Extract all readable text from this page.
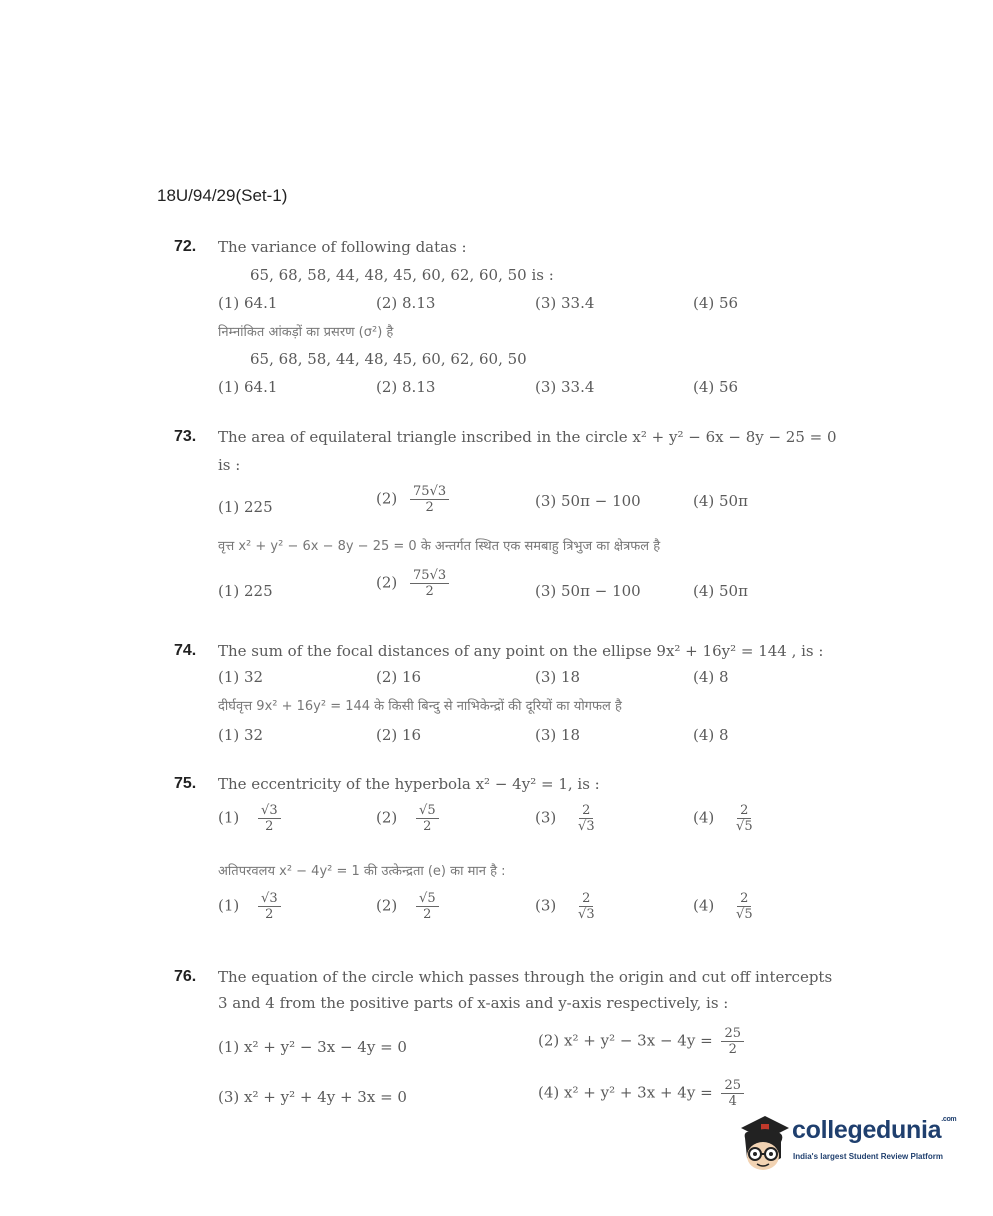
18U/94/29(Set-1)
72. The variance of following datas :
65, 68, 58, 44, 48, 45, 60, 62, 60, 50 is :
(1) 64.1	(2) 8.13	(3) 33.4	(4) 56
निम्नांकित आंकड़ों का प्रसरण (σ²) है
65, 68, 58, 44, 48, 45, 60, 62, 60, 50
(1) 64.1	(2) 8.13	(3) 33.4	(4) 56
73. The area of equilateral triangle inscribed in the circle x² + y² − 6x − 8y − 25 = 0
is :
(1) 225	$(2) \frac{75√3}{2}$	(3) 50π − 100	(4) 50π
वृत्त x² + y² − 6x − 8y − 25 = 0 के अन्तर्गत स्थित एक समबाहु त्रिभुज का क्षेत्रफल है
(1) 225	$(2) \frac{75√3}{2}$	(3) 50π − 100	(4) 50π
74. The sum of the focal distances of any point on the ellipse 9x² + 16y² = 144 , is :
(1) 32	(2) 16	(3) 18	(4) 8
दीर्घवृत्त 9x² + 16y² = 144 के किसी बिन्दु से नाभिकेन्द्रों की दूरियों का योगफल है
(1) 32	(2) 16	(3) 18	(4) 8
75. The eccentricity of the hyperbola x² − 4y² = 1, is :
$(1) \frac{√3}{2}$	$(2) \frac{√5}{2}$	$(3) \frac{2}{√3}$	$(4) \frac{2}{√5}$
अतिपरवलय x² − 4y² = 1 की उत्केन्द्रता (e) का मान है :
$(1) \frac{√3}{2}$	$(2) \frac{√5}{2}$	$(3) \frac{2}{√3}$	$(4) \frac{2}{√5}$
76. The equation of the circle which passes through the origin and cut off intercepts
3 and 4 from the positive parts of x-axis and y-axis respectively, is :
(1) x² + y² − 3x − 4y = 0	(2) $x^2 + y^2 - 3x - 4y = \frac{25}{2}$
(3) x² + y² + 4y + 3x = 0	(4) $x^2 + y^2 + 3x + 4y = \frac{25}{4}$
collegedunia$^{.com}$
India's largest Student Review Platform
